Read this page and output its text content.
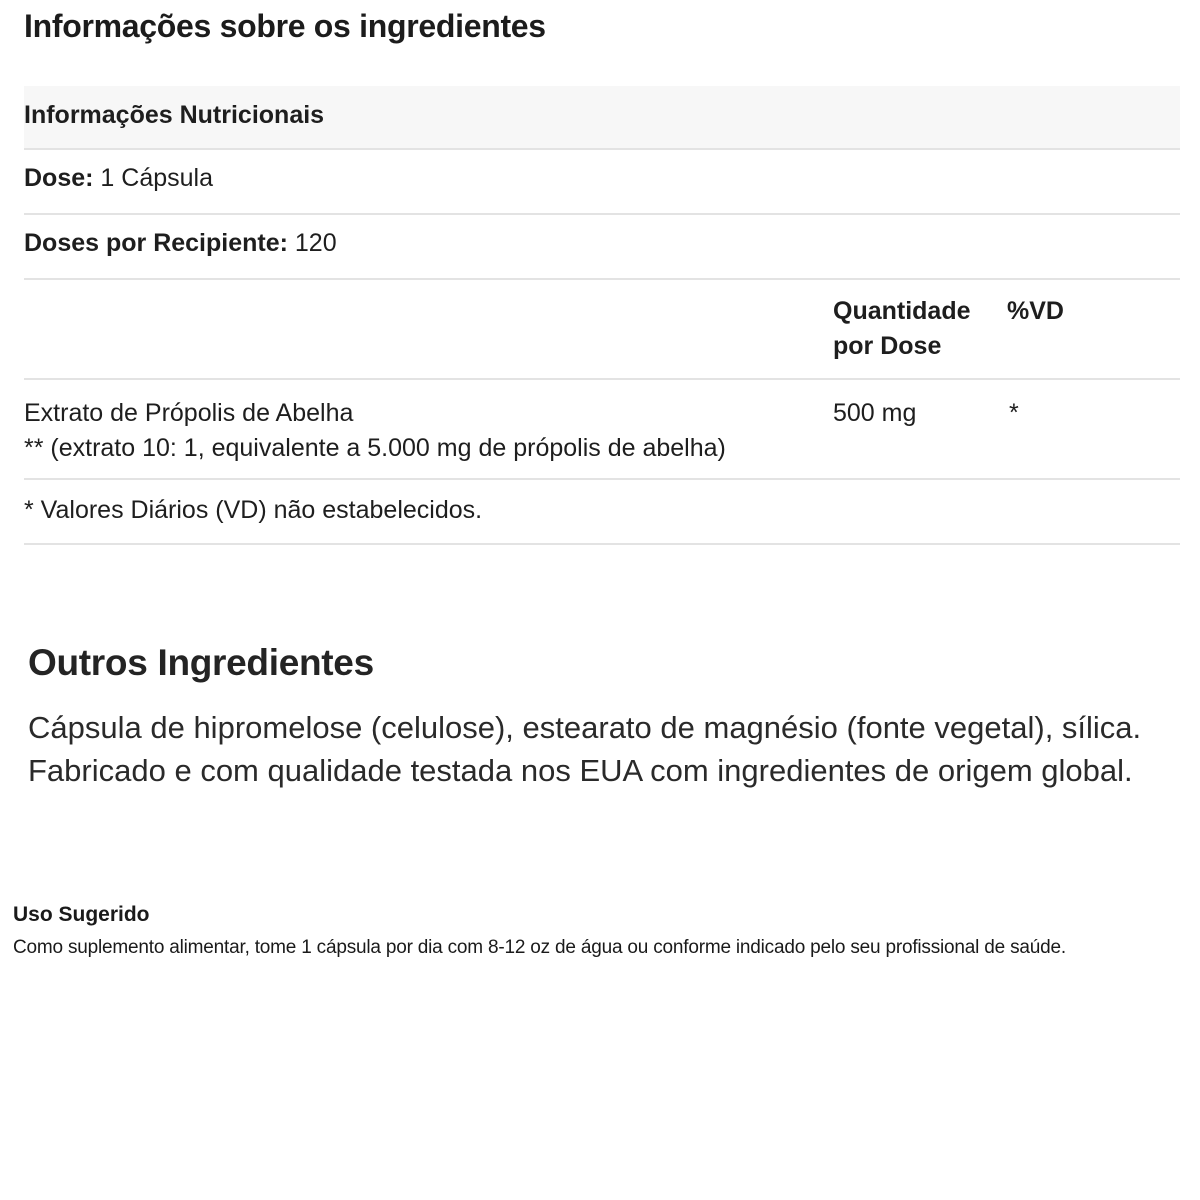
Informações sobre os ingredientes
Informações Nutricionais
Dose: 1 Cápsula
Doses por Recipiente: 120
Quantidade
por Dose
%VD
Extrato de Própolis de Abelha
** (extrato 10: 1, equivalente a 5.000 mg de própolis de abelha)
500 mg	*
* Valores Diários (VD) não estabelecidos.
Outros Ingredientes
Cápsula de hipromelose (celulose), estearato de magnésio (fonte vegetal), sílica.
Fabricado e com qualidade testada nos EUA com ingredientes de origem global.
Uso Sugerido
Como suplemento alimentar, tome 1 cápsula por dia com 8-12 oz de água ou conforme indicado pelo seu profissional de saúde.
